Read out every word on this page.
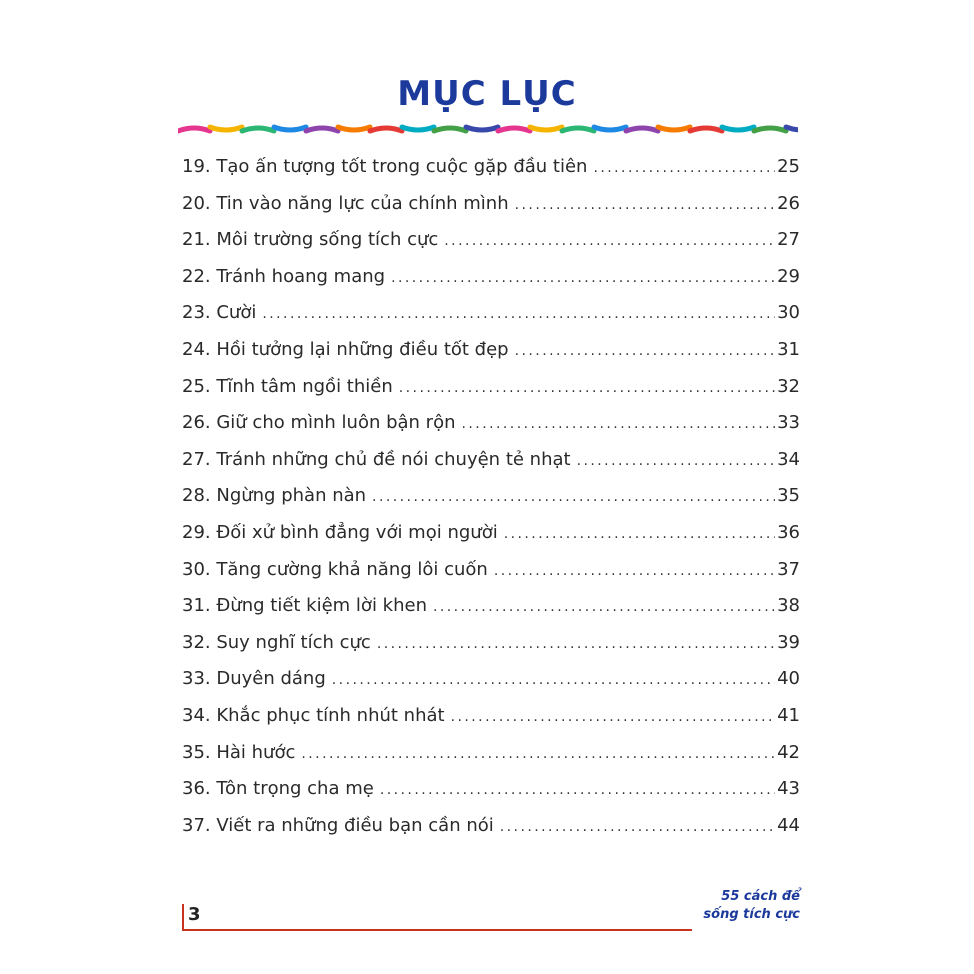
MỤC LỤC
19. Tạo ấn tượng tốt trong cuộc gặp đầu tiên . . .	25
20. Tin vào năng lực của chính mình . . .	26
21. Môi trường sống tích cực . . .	27
22. Tránh hoang mang . . .	29
23. Cười . . .	30
24. Hồi tưởng lại những điều tốt đẹp . . .	31
25. Tĩnh tâm ngồi thiền . . .	32
26. Giữ cho mình luôn bận rộn . . .	33
27. Tránh những chủ đề nói chuyện tẻ nhạt . . .	34
28. Ngừng phàn nàn . . .	35
29. Đối xử bình đẳng với mọi người . . .	36
30. Tăng cường khả năng lôi cuốn . . .	37
31. Đừng tiết kiệm lời khen . . .	38
32. Suy nghĩ tích cực . . .	39
33. Duyên dáng . . .	40
34. Khắc phục tính nhút nhát . . .	41
35. Hài hước . . .	42
36. Tôn trọng cha mẹ . . .	43
37. Viết ra những điều bạn cần nói . . .	44
3
55 cách để
sống tích cực
